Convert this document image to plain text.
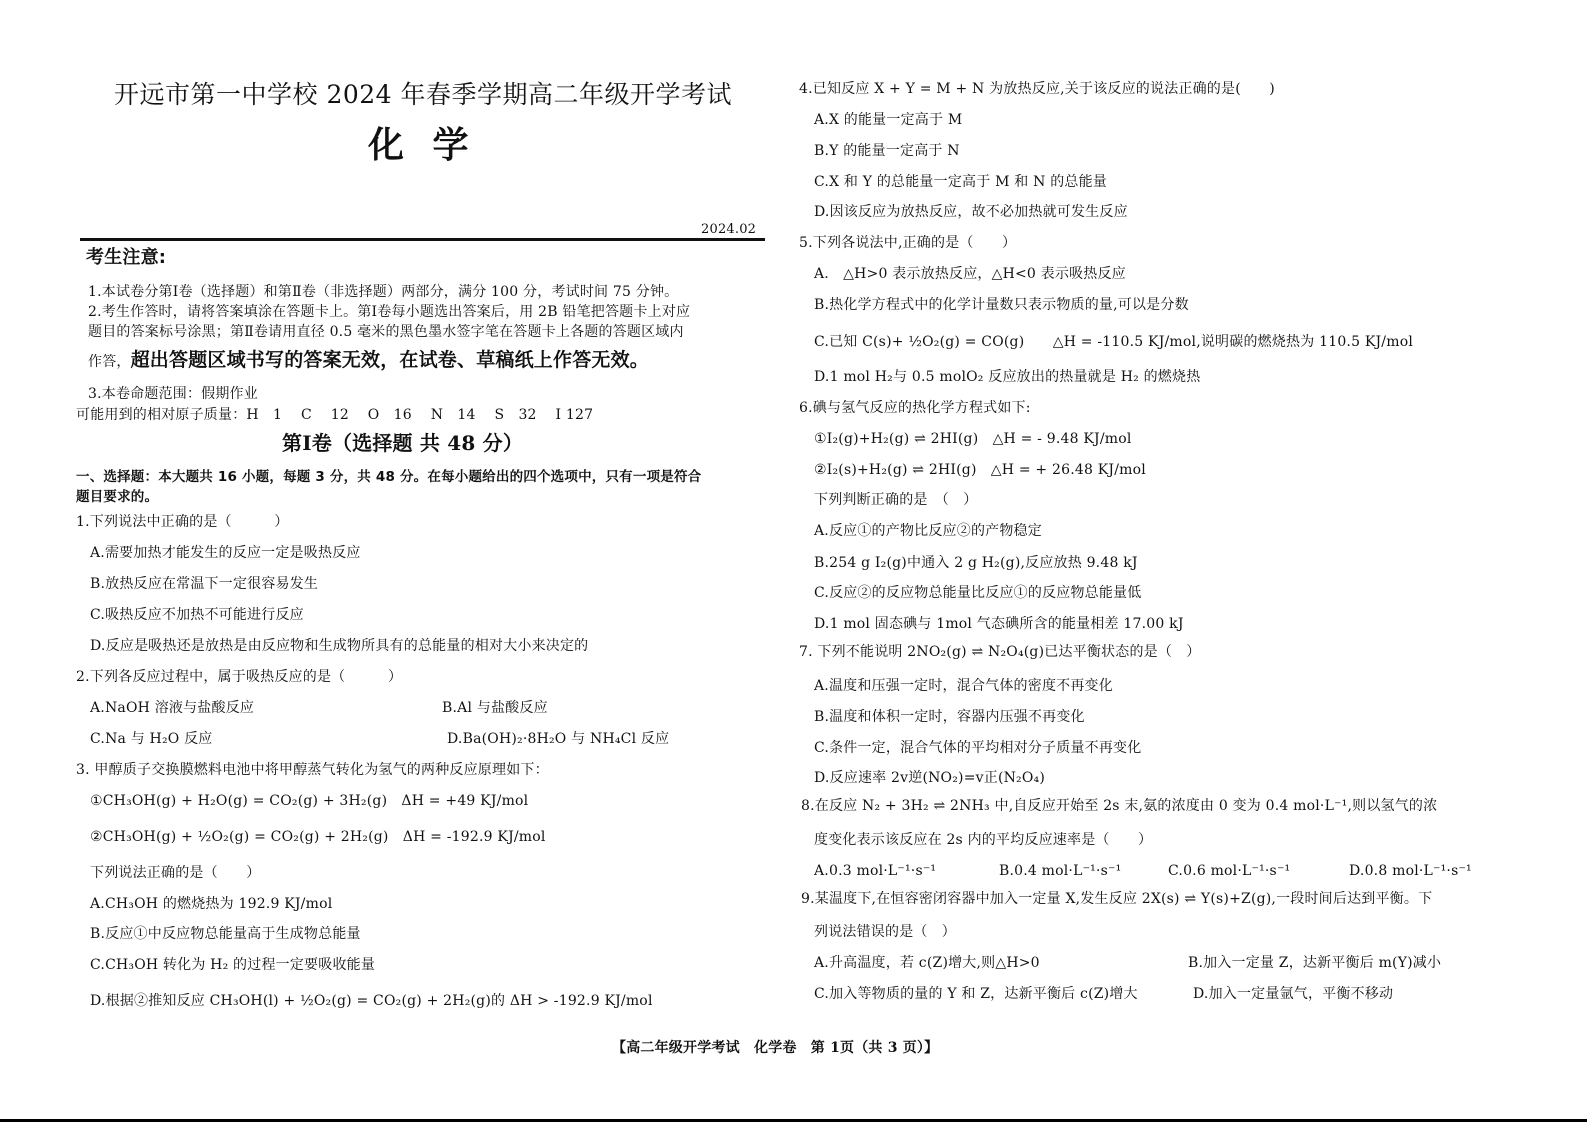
开远市第一中学校 2024 年春季学期高二年级开学考试
化 学
2024.02
考生注意:
1.本试卷分第Ⅰ卷（选择题）和第Ⅱ卷（非选择题）两部分，满分 100 分，考试时间 75 分钟。
2.考生作答时，请将答案填涂在答题卡上。第Ⅰ卷每小题选出答案后，用 2B 铅笔把答题卡上对应
题目的答案标号涂黑；第Ⅱ卷请用直径 0.5 毫米的黑色墨水签字笔在答题卡上各题的答题区域内
作答，超出答题区域书写的答案无效，在试卷、草稿纸上作答无效。
3.本卷命题范围：假期作业
可能用到的相对原子质量：H　1　 C　 12　 O　16　 N　14　 S　32　 I 127
第Ⅰ卷（选择题 共 48 分）
一、选择题：本大题共 16 小题，每题 3 分，共 48 分。在每小题给出的四个选项中，只有一项是符合
题目要求的。
1.下列说法中正确的是（　　　）
A.需要加热才能发生的反应一定是吸热反应
B.放热反应在常温下一定很容易发生
C.吸热反应不加热不可能进行反应
D.反应是吸热还是放热是由反应物和生成物所具有的总能量的相对大小来决定的
2.下列各反应过程中，属于吸热反应的是（　　　）
A.NaOH 溶液与盐酸反应	B.Al 与盐酸反应
C.Na 与 H₂O 反应	D.Ba(OH)₂·8H₂O 与 NH₄Cl 反应
3. 甲醇质子交换膜燃料电池中将甲醇蒸气转化为氢气的两种反应原理如下：
①CH₃OH(g) + H₂O(g) = CO₂(g) + 3H₂(g)　ΔH = +49 KJ/mol
②CH₃OH(g) + ½O₂(g) = CO₂(g) + 2H₂(g)　ΔH = -192.9 KJ/mol
下列说法正确的是（　　）
A.CH₃OH 的燃烧热为 192.9 KJ/mol
B.反应①中反应物总能量高于生成物总能量
C.CH₃OH 转化为 H₂ 的过程一定要吸收能量
D.根据②推知反应 CH₃OH(l) + ½O₂(g) = CO₂(g) + 2H₂(g)的 ΔH > -192.9 KJ/mol
4.已知反应 X + Y = M + N 为放热反应,关于该反应的说法正确的是(　　)
A.X 的能量一定高于 M
B.Y 的能量一定高于 N
C.X 和 Y 的总能量一定高于 M 和 N 的总能量
D.因该反应为放热反应，故不必加热就可发生反应
5.下列各说法中,正确的是（　　）
A.　△H>0 表示放热反应，△H<0 表示吸热反应
B.热化学方程式中的化学计量数只表示物质的量,可以是分数
C.已知 C(s)+ ½O₂(g) = CO(g)　　△H = -110.5 KJ/mol,说明碳的燃烧热为 110.5 KJ/mol
D.1 mol H₂与 0.5 molO₂ 反应放出的热量就是 H₂ 的燃烧热
6.碘与氢气反应的热化学方程式如下:
①I₂(g)+H₂(g) ⇌ 2HI(g)　△H = - 9.48 KJ/mol
②I₂(s)+H₂(g) ⇌ 2HI(g)　△H = + 26.48 KJ/mol
下列判断正确的是　（　）
A.反应①的产物比反应②的产物稳定
B.254 g I₂(g)中通入 2 g H₂(g),反应放热 9.48 kJ
C.反应②的反应物总能量比反应①的反应物总能量低
D.1 mol 固态碘与 1mol 气态碘所含的能量相差 17.00 kJ
7. 下列不能说明 2NO₂(g) ⇌ N₂O₄(g)已达平衡状态的是（　）
A.温度和压强一定时，混合气体的密度不再变化
B.温度和体积一定时，容器内压强不再变化
C.条件一定，混合气体的平均相对分子质量不再变化
D.反应速率 2v逆(NO₂)=v正(N₂O₄)
8.在反应 N₂ + 3H₂ ⇌ 2NH₃ 中,自反应开始至 2s 末,氨的浓度由 0 变为 0.4 mol·L⁻¹,则以氢气的浓
度变化表示该反应在 2s 内的平均反应速率是（　　）
A.0.3 mol·L⁻¹·s⁻¹	B.0.4 mol·L⁻¹·s⁻¹	C.0.6 mol·L⁻¹·s⁻¹	D.0.8 mol·L⁻¹·s⁻¹
9.某温度下,在恒容密闭容器中加入一定量 X,发生反应 2X(s) ⇌ Y(s)+Z(g),一段时间后达到平衡。下
列说法错误的是（　）
A.升高温度，若 c(Z)增大,则△H>0	B.加入一定量 Z，达新平衡后 m(Y)减小
C.加入等物质的量的 Y 和 Z，达新平衡后 c(Z)增大	D.加入一定量氩气，平衡不移动
【高二年级开学考试　化学卷　第 1页（共 3 页）】
